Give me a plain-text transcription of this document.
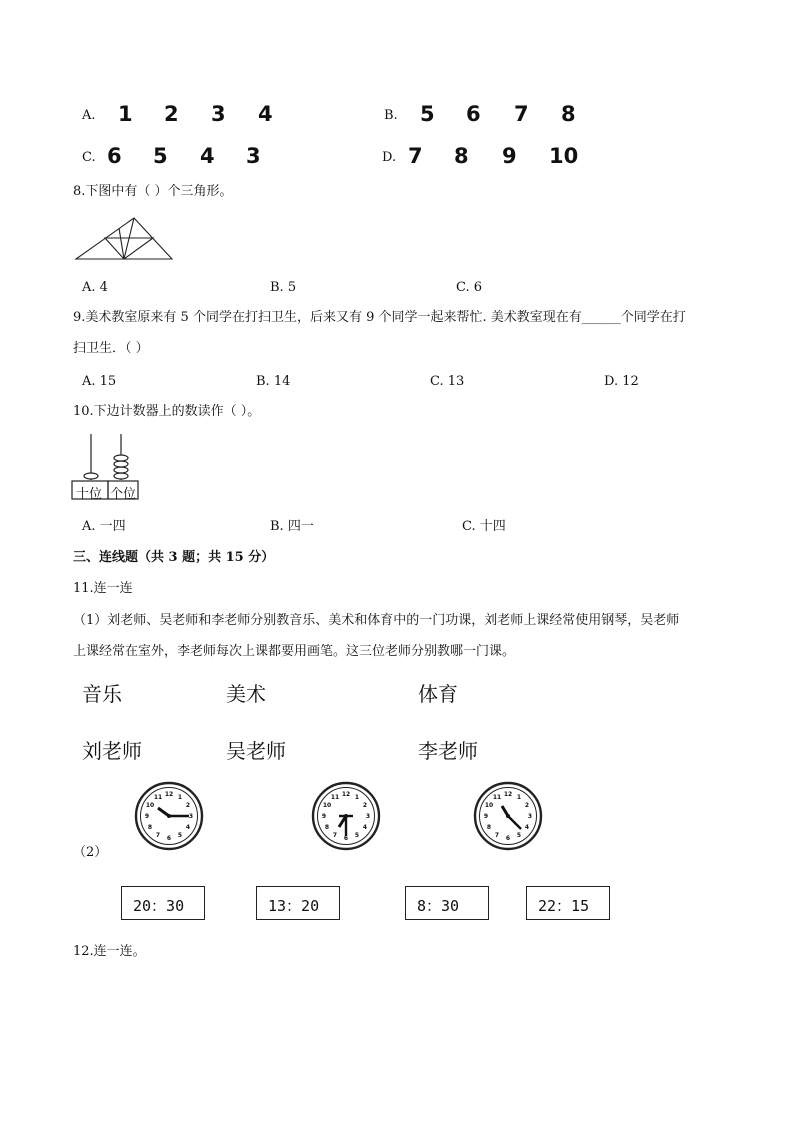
A. 1 2 3 4	B. 5 6 7 8
C. 6 5 4 3	D. 7 8 9 10
8.下图中有（ ）个三角形。
A. 4	B. 5	C. 6
9.美术教室原来有 5 个同学在打扫卫生，后来又有 9 个同学一起来帮忙. 美术教室现在有______个同学在打
扫卫生．（ ）
A. 15	B. 14	C. 13	D. 12
10.下边计数器上的数读作（ ）。
十位 个位
A. 一四	B. 四一	C. 十四
三、连线题（共 3 题；共 15 分）
11.连一连
（1）刘老师、吴老师和李老师分别教音乐、美术和体育中的一门功课，刘老师上课经常使用钢琴，吴老师
上课经常在室外，李老师每次上课都要用画笔。这三位老师分别教哪一门课。
音乐	美术	体育
刘老师	吴老师	李老师
（2）
12 1
2
3
4
5
6
7
8
9
10
11	12 1
2
3
4
5
6
7
8
9
10
11	12 1
2
3
4
5
6
7
8
9
10
11
20：30	13：20	8：30	22：15
12.连一连。
